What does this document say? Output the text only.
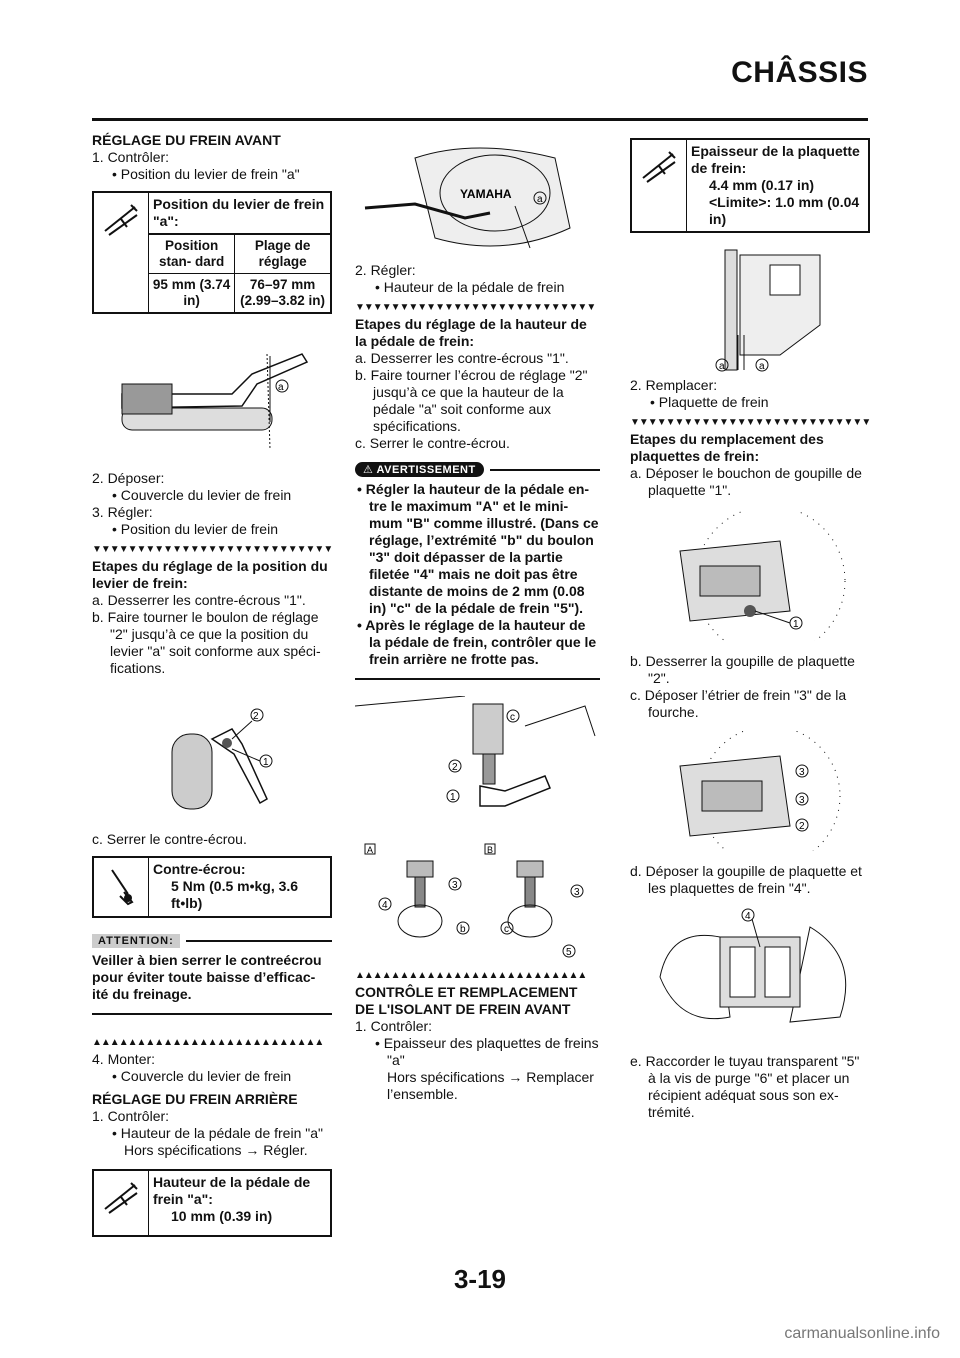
CHÂSSIS

RÉGLAGE DU FREIN AVANT

1. Contrôler:

• Position du levier de frein "a"

Position du levier de frein "a":
Position stan- dard	Plage de réglage
95 mm (3.74 in)	76–97 mm (2.99–3.82 in)
a

2. Déposer:

• Couvercle du levier de frein

3. Régler:

• Position du levier de frein

▼▼▼▼▼▼▼▼▼▼▼▼▼▼▼▼▼▼▼▼▼▼▼▼▼▼▼

Etapes du réglage de la position du levier de frein:

a. Desserrer les contre-écrous "1".

b. Faire tourner le boulon de réglage "2" jusqu’à ce que la position du levier "a" soit conforme aux spéci- fications.

2
1

c. Serrer le contre-écrou.

Contre-écrou:
5 Nm (0.5 m•kg, 3.6 ft•lb)
ATTENTION:

Veiller à bien serrer le contreécrou pour éviter toute baisse d’efficac- ité du freinage.

▲▲▲▲▲▲▲▲▲▲▲▲▲▲▲▲▲▲▲▲▲▲▲▲▲▲

4. Monter:

• Couvercle du levier de frein

RÉGLAGE DU FREIN ARRIÈRE

1. Contrôler:

• Hauteur de la pédale de frein "a"

Hors spécifications → Régler.

Hauteur de la pédale de frein "a":
10 mm (0.39 in)
YAMAHA	a

2. Régler:

• Hauteur de la pédale de frein

▼▼▼▼▼▼▼▼▼▼▼▼▼▼▼▼▼▼▼▼▼▼▼▼▼▼▼

Etapes du réglage de la hauteur de la pédale de frein:

a. Desserrer les contre-écrous "1".

b. Faire tourner l’écrou de réglage "2" jusqu’à ce que la hauteur de la pédale "a" soit conforme aux spécifications.

c. Serrer le contre-écrou.

⚠ AVERTISSEMENT

• Régler la hauteur de la pédale en- tre le maximum "A" et le mini- mum "B" comme illustré. (Dans ce réglage, l’extrémité "b" du boulon "3" doit dépasser de la partie filetée "4" mais ne doit pas être distante de moins de 2 mm (0.08 in) "c" de la pédale de frein "5").

• Après le réglage de la hauteur de la pédale de frein, contrôler que le frein arrière ne frotte pas.

c
2
1
A	B
3
4
b
3
c
5
▲▲▲▲▲▲▲▲▲▲▲▲▲▲▲▲▲▲▲▲▲▲▲▲▲▲

CONTRÔLE ET REMPLACEMENT DE L'ISOLANT DE FREIN AVANT

1. Contrôler:

• Epaisseur des plaquettes de freins "a"

Hors spécifications → Remplacer l’ensemble.

Epaisseur de la plaquette de frein:
4.4 mm (0.17 in)
<Limite>: 1.0 mm (0.04 in)
a	a

2. Remplacer:

• Plaquette de frein

▼▼▼▼▼▼▼▼▼▼▼▼▼▼▼▼▼▼▼▼▼▼▼▼▼▼▼

Etapes du remplacement des plaquettes de frein:

a. Déposer le bouchon de goupille de plaquette "1".

1

b. Desserrer la goupille de plaquette "2".

c. Déposer l’étrier de frein "3" de la fourche.

3
3
2

d. Déposer la goupille de plaquette et les plaquettes de frein "4".

4

e. Raccorder le tuyau transparent "5" à la vis de purge "6" et placer un récipient adéquat sous son ex- trémité.

3-19
carmanualsonline.info
